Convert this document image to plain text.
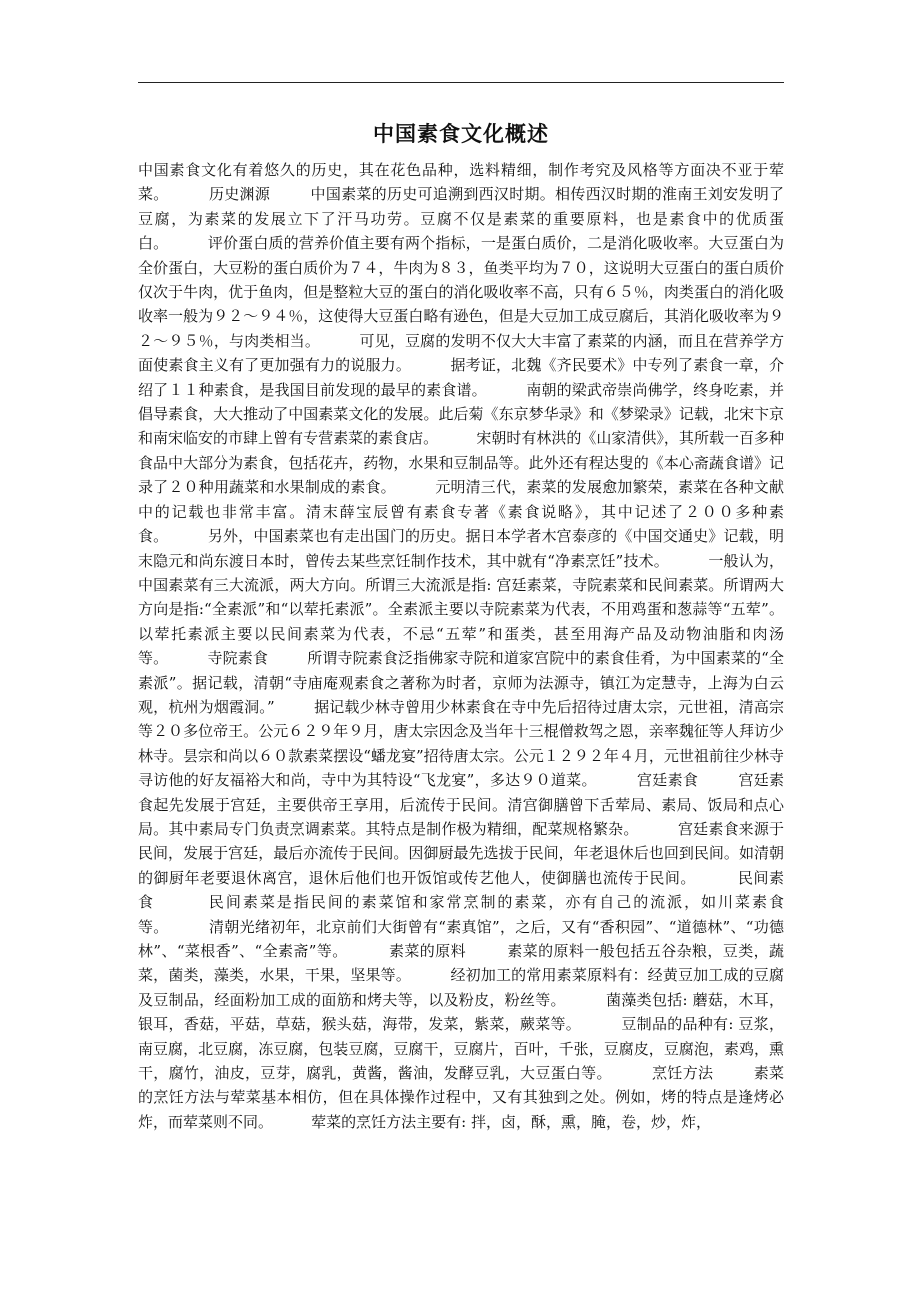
中国素食文化概述
中国素食文化有着悠久的历史，其在花色品种，选料精细，制作考究及风格等方面决不亚于荤菜。	历史渊源	中国素菜的历史可追溯到西汉时期。相传西汉时期的淮南王刘安发明了豆腐，为素菜的发展立下了汗马功劳。豆腐不仅是素菜的重要原料，也是素食中的优质蛋白。	评价蛋白质的营养价值主要有两个指标，一是蛋白质价，二是消化吸收率。大豆蛋白为全价蛋白，大豆粉的蛋白质价为７４，牛肉为８３，鱼类平均为７０，这说明大豆蛋白的蛋白质价仅次于牛肉，优于鱼肉，但是整粒大豆的蛋白的消化吸收率不高，只有６５％，肉类蛋白的消化吸收率一般为９２～９４％，这使得大豆蛋白略有逊色，但是大豆加工成豆腐后，其消化吸收率为９２～９５％，与肉类相当。	可见，豆腐的发明不仅大大丰富了素菜的内涵，而且在营养学方面使素食主义有了更加强有力的说服力。	据考证，北魏《齐民要术》中专列了素食一章，介绍了１１种素食，是我国目前发现的最早的素食谱。	南朝的梁武帝崇尚佛学，终身吃素，并倡导素食，大大推动了中国素菜文化的发展。此后菊《东京梦华录》和《梦梁录》记载，北宋卞京和南宋临安的市肆上曾有专营素菜的素食店。	宋朝时有林洪的《山家清供》，其所载一百多种食品中大部分为素食，包括花卉，药物，水果和豆制品等。此外还有程达叟的《本心斋蔬食谱》记录了２０种用蔬菜和水果制成的素食。	元明清三代，素菜的发展愈加繁荣，素菜在各种文献中的记载也非常丰富。清末薛宝辰曾有素食专著《素食说略》，其中记述了２００多种素食。	另外，中国素菜也有走出国门的历史。据日本学者木宫泰彦的《中国交通史》记载，明末隐元和尚东渡日本时，曾传去某些烹饪制作技术，其中就有“净素烹饪”技术。	一般认为，中国素菜有三大流派，两大方向。所谓三大流派是指: 宫廷素菜，寺院素菜和民间素菜。所谓两大方向是指:“全素派”和“以荤托素派”。全素派主要以寺院素菜为代表，不用鸡蛋和葱蒜等“五荤”。以荤托素派主要以民间素菜为代表，不忌“五荤”和蛋类，甚至用海产品及动物油脂和肉汤等。	寺院素食	所谓寺院素食泛指佛家寺院和道家宫院中的素食佳肴，为中国素菜的“全素派”。据记载，清朝“寺庙庵观素食之著称为时者，京师为法源寺，镇江为定慧寺，上海为白云观，杭州为烟霞洞。”	据记载少林寺曾用少林素食在寺中先后招待过唐太宗，元世祖，清高宗等２０多位帝王。公元６２９年９月，唐太宗因念及当年十三棍僧救驾之恩，亲率魏征等人拜访少林寺。昙宗和尚以６０款素菜摆设“蟠龙宴”招待唐太宗。公元１２９２年４月，元世祖前往少林寺寻访他的好友福裕大和尚，寺中为其特设“飞龙宴”，多达９０道菜。	宫廷素食	宫廷素食起先发展于宫廷，主要供帝王享用，后流传于民间。清宫御膳曾下舌荤局、素局、饭局和点心局。其中素局专门负责烹调素菜。其特点是制作极为精细，配菜规格繁杂。	宫廷素食来源于民间，发展于宫廷，最后亦流传于民间。因御厨最先选拔于民间，年老退休后也回到民间。如清朝的御厨年老要退休离宫，退休后他们也开饭馆或传艺他人，使御膳也流传于民间。	民间素食	民间素菜是指民间的素菜馆和家常烹制的素菜，亦有自己的流派，如川菜素食等。	清朝光绪初年，北京前们大街曾有“素真馆”，之后，又有“香积园”、“道德林”、“功德林”、“菜根香”、“全素斋”等。	素菜的原料	素菜的原料一般包括五谷杂粮，豆类，蔬菜，菌类，藻类，水果，干果，坚果等。	经初加工的常用素菜原料有：经黄豆加工成的豆腐及豆制品，经面粉加工成的面筋和烤夫等，以及粉皮，粉丝等。	菌藻类包括: 蘑菇，木耳，银耳，香菇，平菇，草菇，猴头菇，海带，发菜，紫菜，蕨菜等。	豆制品的品种有: 豆浆，南豆腐，北豆腐，冻豆腐，包装豆腐，豆腐干，豆腐片，百叶，千张，豆腐皮，豆腐泡，素鸡，熏干，腐竹，油皮，豆芽，腐乳，黄酱，酱油，发酵豆乳，大豆蛋白等。	烹饪方法	素菜的烹饪方法与荤菜基本相仿，但在具体操作过程中，又有其独到之处。例如，烤的特点是逢烤必炸，而荤菜则不同。	荤菜的烹饪方法主要有: 拌，卤，酥，熏，腌，卷，炒，炸，
